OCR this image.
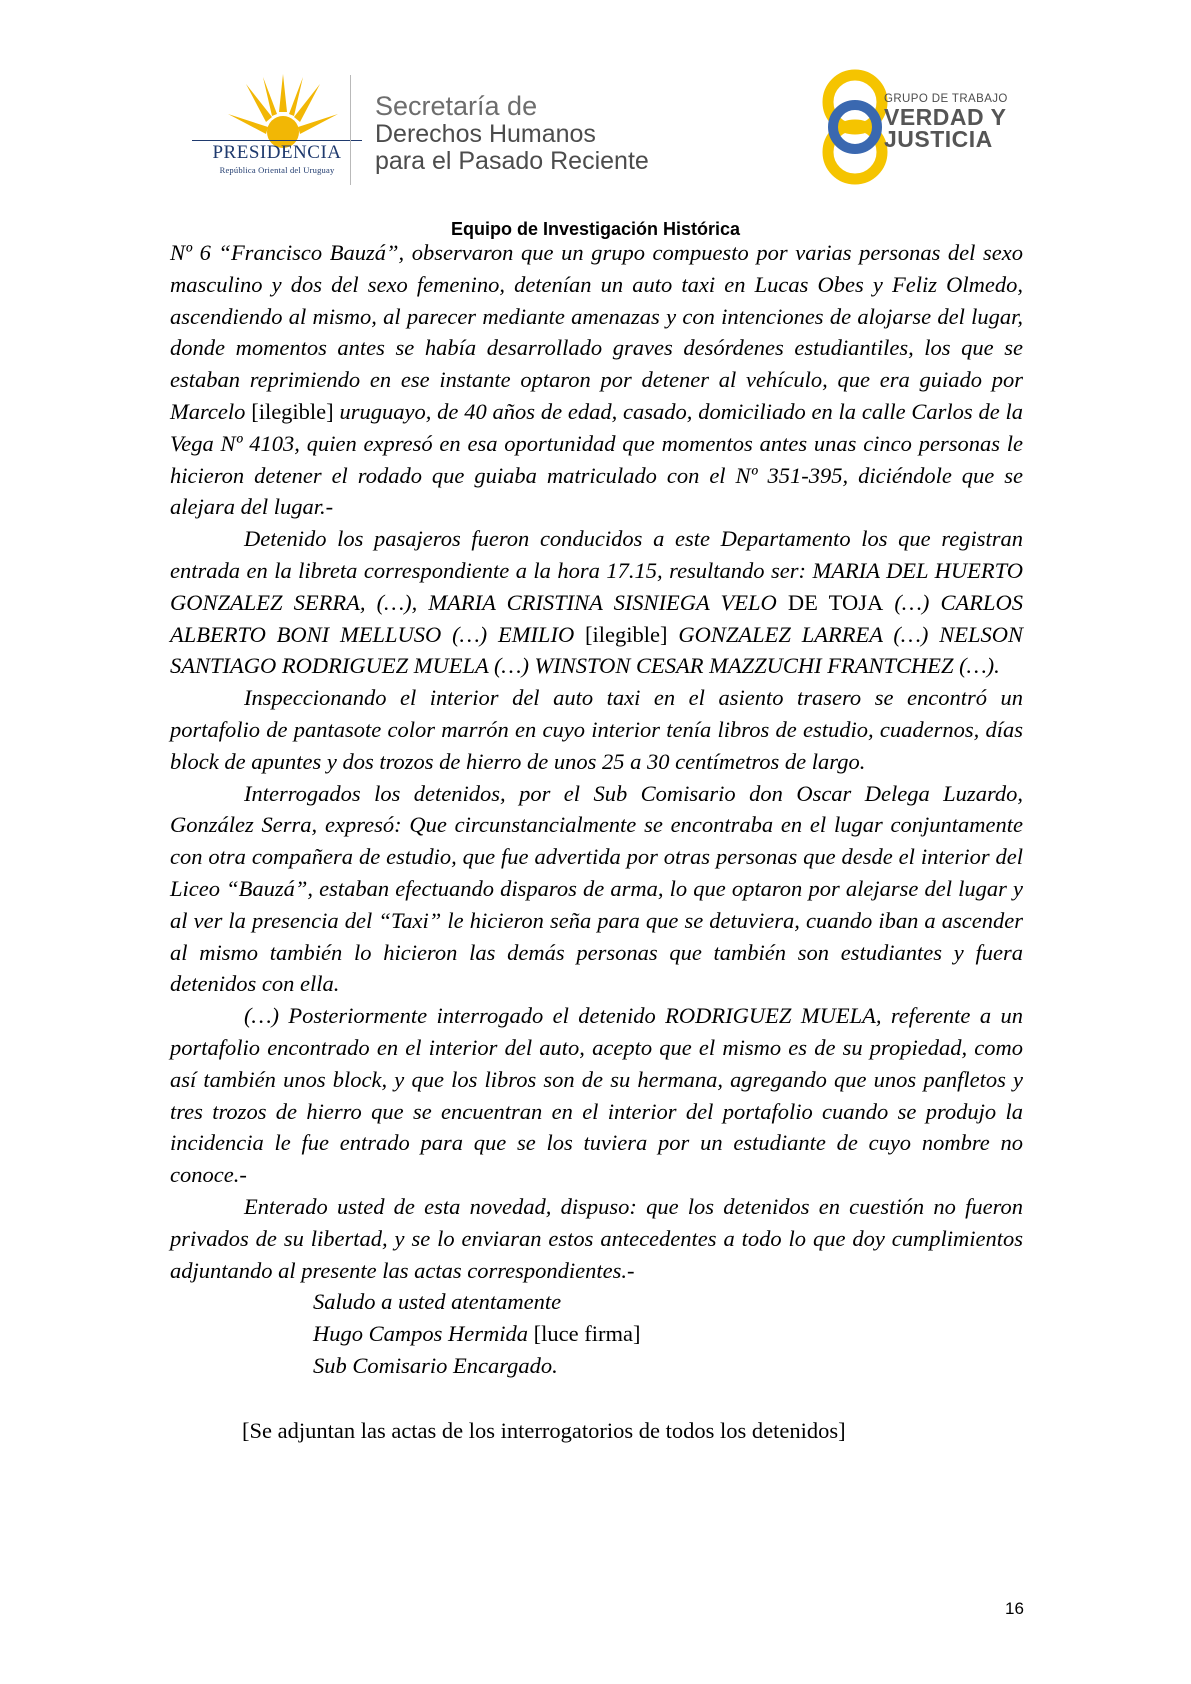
PRESIDENCIA
República Oriental del Uruguay
Secretaría de
Derechos Humanos
para el Pasado Reciente
GRUPO DE TRABAJO
VERDAD Y
JUSTICIA
Equipo de Investigación Histórica

Nº 6 “Francisco Bauzá”, observaron que un grupo compuesto por varias personas del sexo masculino y dos del sexo femenino, detenían un auto taxi en Lucas Obes y Feliz Olmedo, ascendiendo al mismo, al parecer mediante amenazas y con intenciones de alojarse del lugar, donde momentos antes se había desarrollado graves desórdenes estudiantiles, los que se estaban reprimiendo en ese instante optaron por detener al vehículo, que era guiado por Marcelo [ilegible] uruguayo, de 40 años de edad, casado, domiciliado en la calle Carlos de la Vega Nº 4103, quien expresó en esa oportunidad que momentos antes unas cinco personas le hicieron detener el rodado que guiaba matriculado con el Nº 351-395, diciéndole que se alejara del lugar.-

Detenido los pasajeros fueron conducidos a este Departamento los que registran entrada en la libreta correspondiente a la hora 17.15, resultando ser: MARIA DEL HUERTO GONZALEZ SERRA, (…), MARIA CRISTINA SISNIEGA VELO DE TOJA (…) CARLOS ALBERTO BONI MELLUSO (…) EMILIO [ilegible] GONZALEZ LARREA (…) NELSON SANTIAGO RODRIGUEZ MUELA (…) WINSTON CESAR MAZZUCHI FRANTCHEZ (…).

Inspeccionando el interior del auto taxi en el asiento trasero se encontró un portafolio de pantasote color marrón en cuyo interior tenía libros de estudio, cuadernos, días block de apuntes y dos trozos de hierro de unos 25 a 30 centímetros de largo.

Interrogados los detenidos, por el Sub Comisario don Oscar Delega Luzardo, González Serra, expresó: Que circunstancialmente se encontraba en el lugar conjuntamente con otra compañera de estudio, que fue advertida por otras personas que desde el interior del Liceo “Bauzá”, estaban efectuando disparos de arma, lo que optaron por alejarse del lugar y al ver la presencia del “Taxi” le hicieron seña para que se detuviera, cuando iban a ascender al mismo también lo hicieron las demás personas que también son estudiantes y fuera detenidos con ella.

(…) Posteriormente interrogado el detenido RODRIGUEZ MUELA, referente a un portafolio encontrado en el interior del auto, acepto que el mismo es de su propiedad, como así también unos block, y que los libros son de su hermana, agregando que unos panfletos y tres trozos de hierro que se encuentran en el interior del portafolio cuando se produjo la incidencia le fue entrado para que se los tuviera por un estudiante de cuyo nombre no conoce.-

Enterado usted de esta novedad, dispuso: que los detenidos en cuestión no fueron privados de su libertad, y se lo enviaran estos antecedentes a todo lo que doy cumplimientos adjuntando al presente las actas correspondientes.-

Saludo a usted atentamente

Hugo Campos Hermida [luce firma]

Sub Comisario Encargado.

[Se adjuntan las actas de los interrogatorios de todos los detenidos]

16
